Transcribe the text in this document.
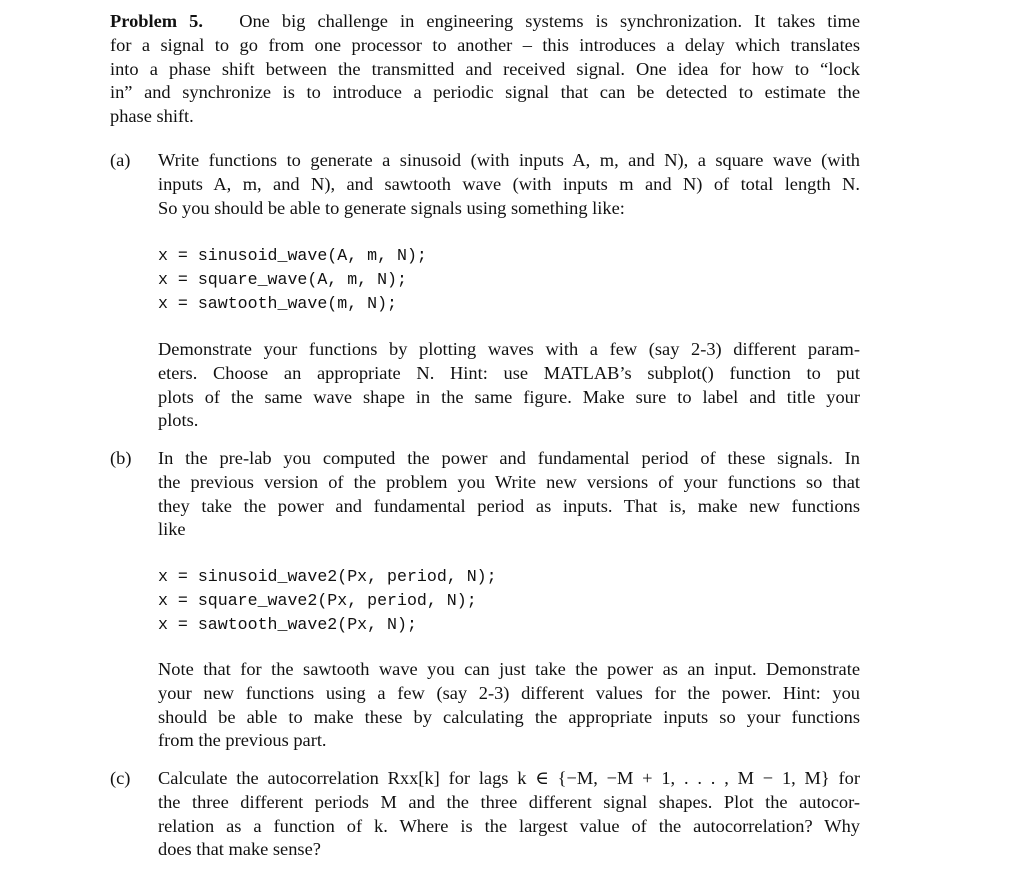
Problem 5. One big challenge in engineering systems is synchronization. It takes time
for a signal to go from one processor to another – this introduces a delay which translates
into a phase shift between the transmitted and received signal. One idea for how to “lock
in” and synchronize is to introduce a periodic signal that can be detected to estimate the
phase shift.
(a) Write functions to generate a sinusoid (with inputs A, m, and N), a square wave (with
inputs A, m, and N), and sawtooth wave (with inputs m and N) of total length N.
So you should be able to generate signals using something like:
x = sinusoid_wave(A, m, N);
x = square_wave(A, m, N);
x = sawtooth_wave(m, N);
Demonstrate your functions by plotting waves with a few (say 2-3) different param-
eters. Choose an appropriate N. Hint: use MATLAB’s subplot() function to put
plots of the same wave shape in the same figure. Make sure to label and title your
plots.
(b) In the pre-lab you computed the power and fundamental period of these signals. In
the previous version of the problem you Write new versions of your functions so that
they take the power and fundamental period as inputs. That is, make new functions
like
x = sinusoid_wave2(Px, period, N);
x = square_wave2(Px, period, N);
x = sawtooth_wave2(Px, N);
Note that for the sawtooth wave you can just take the power as an input. Demonstrate
your new functions using a few (say 2-3) different values for the power. Hint: you
should be able to make these by calculating the appropriate inputs so your functions
from the previous part.
(c) Calculate the autocorrelation Rxx[k] for lags k ∈ {−M, −M + 1, . . . , M − 1, M} for
the three different periods M and the three different signal shapes. Plot the autocor-
relation as a function of k. Where is the largest value of the autocorrelation? Why
does that make sense?
